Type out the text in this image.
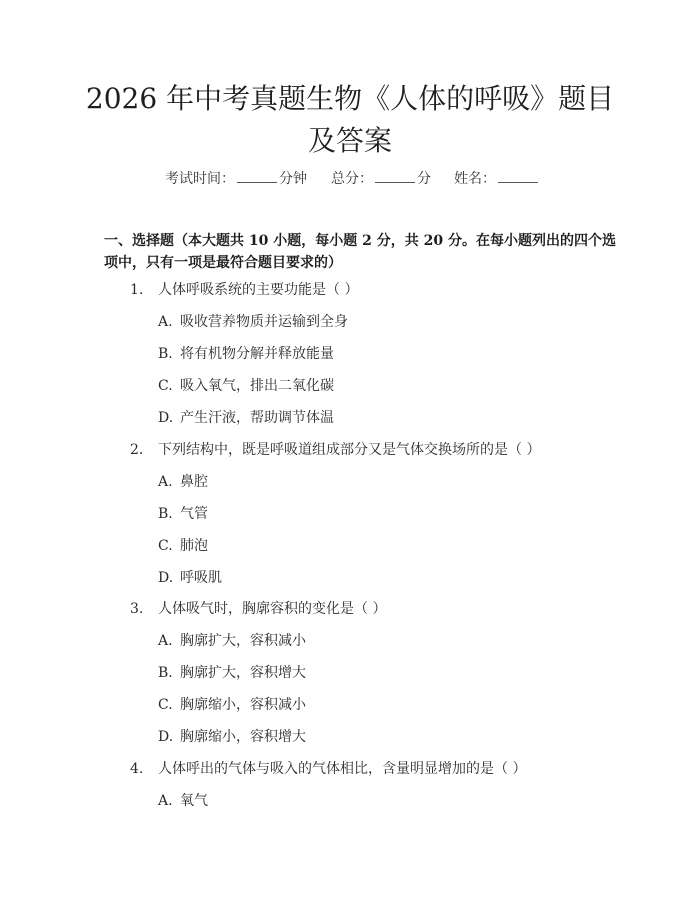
2026 年中考真题生物《人体的呼吸》题目及答案
考试时间：	分钟 总分：	分 姓名：

一、选择题（本大题共 10 小题，每小题 2 分，共 20 分。在每小题列出的四个选项中，只有一项是最符合题目要求的）

1. 人体呼吸系统的主要功能是（ ）
A. 吸收营养物质并运输到全身
B. 将有机物分解并释放能量
C. 吸入氧气，排出二氧化碳
D. 产生汗液，帮助调节体温
2. 下列结构中，既是呼吸道组成部分又是气体交换场所的是（ ）
A. 鼻腔
B. 气管
C. 肺泡
D. 呼吸肌
3. 人体吸气时，胸廓容积的变化是（ ）
A. 胸廓扩大，容积减小
B. 胸廓扩大，容积增大
C. 胸廓缩小，容积减小
D. 胸廓缩小，容积增大
4. 人体呼出的气体与吸入的气体相比，含量明显增加的是（ ）
A. 氧气
